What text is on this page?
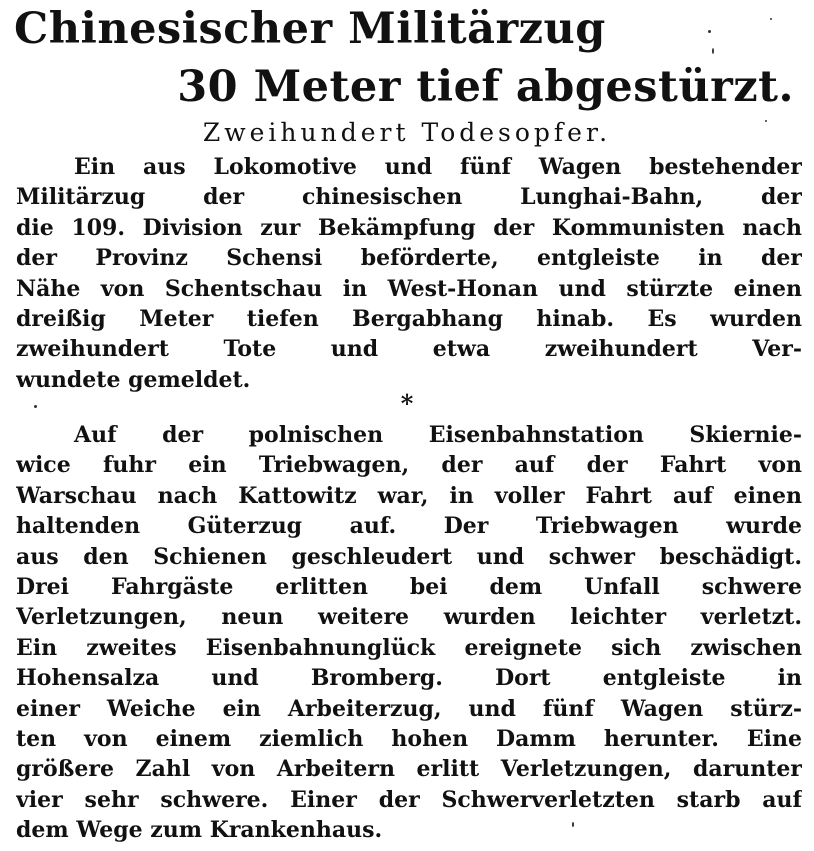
Chinesischer Militärzug
30 Meter tief abgestürzt.
Zweihundert Todesopfer.
Ein aus Lokomotive und fünf Wagen bestehender
Militärzug der chinesischen Lunghai-Bahn, der
die 109. Division zur Bekämpfung der Kommunisten nach
der Provinz Schensi beförderte, entgleiste in der
Nähe von Schentschau in West-Honan und stürzte einen
dreißig Meter tiefen Bergabhang hinab. Es wurden
zweihundert Tote und etwa zweihundert Ver-
wundete gemeldet.
*
Auf der polnischen Eisenbahnstation Skiernie-
wice fuhr ein Triebwagen, der auf der Fahrt von
Warschau nach Kattowitz war, in voller Fahrt auf einen
haltenden Güterzug auf. Der Triebwagen wurde
aus den Schienen geschleudert und schwer beschädigt.
Drei Fahrgäste erlitten bei dem Unfall schwere
Verletzungen, neun weitere wurden leichter verletzt.
Ein zweites Eisenbahnunglück ereignete sich zwischen
Hohensalza und Bromberg. Dort entgleiste in
einer Weiche ein Arbeiterzug, und fünf Wagen stürz-
ten von einem ziemlich hohen Damm herunter. Eine
größere Zahl von Arbeitern erlitt Verletzungen, darunter
vier sehr schwere. Einer der Schwerverletzten starb auf
dem Wege zum Krankenhaus.
